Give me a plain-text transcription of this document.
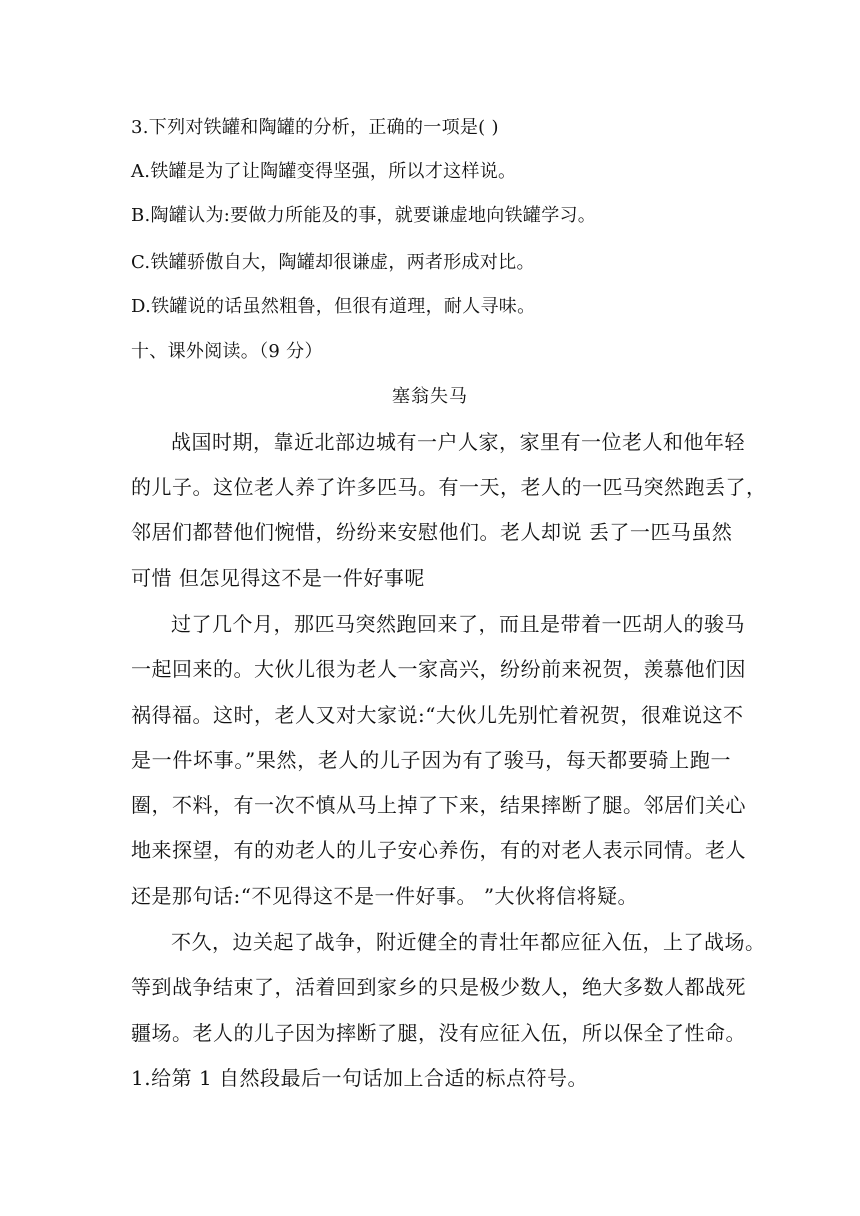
3.下列对铁罐和陶罐的分析，正确的一项是( )
A.铁罐是为了让陶罐变得坚强，所以才这样说。
B.陶罐认为:要做力所能及的事，就要谦虚地向铁罐学习。
C.铁罐骄傲自大，陶罐却很谦虚，两者形成对比。
D.铁罐说的话虽然粗鲁，但很有道理，耐人寻味。
十、课外阅读。（9 分）
塞翁失马
战国时期，靠近北部边城有一户人家，家里有一位老人和他年轻
的儿子。这位老人养了许多匹马。有一天，老人的一匹马突然跑丢了，
邻居们都替他们惋惜，纷纷来安慰他们。老人却说 丢了一匹马虽然
可惜 但怎见得这不是一件好事呢
过了几个月，那匹马突然跑回来了，而且是带着一匹胡人的骏马
一起回来的。大伙儿很为老人一家高兴，纷纷前来祝贺，羡慕他们因
祸得福。这时，老人又对大家说:“大伙儿先别忙着祝贺，很难说这不
是一件坏事。”果然，老人的儿子因为有了骏马，每天都要骑上跑一
圈，不料，有一次不慎从马上掉了下来，结果摔断了腿。邻居们关心
地来探望，有的劝老人的儿子安心养伤，有的对老人表示同情。老人
还是那句话:“不见得这不是一件好事。 ”大伙将信将疑。
不久，边关起了战争，附近健全的青壮年都应征入伍，上了战场。
等到战争结束了，活着回到家乡的只是极少数人，绝大多数人都战死
疆场。老人的儿子因为摔断了腿，没有应征入伍，所以保全了性命。
1.给第 1 自然段最后一句话加上合适的标点符号。
